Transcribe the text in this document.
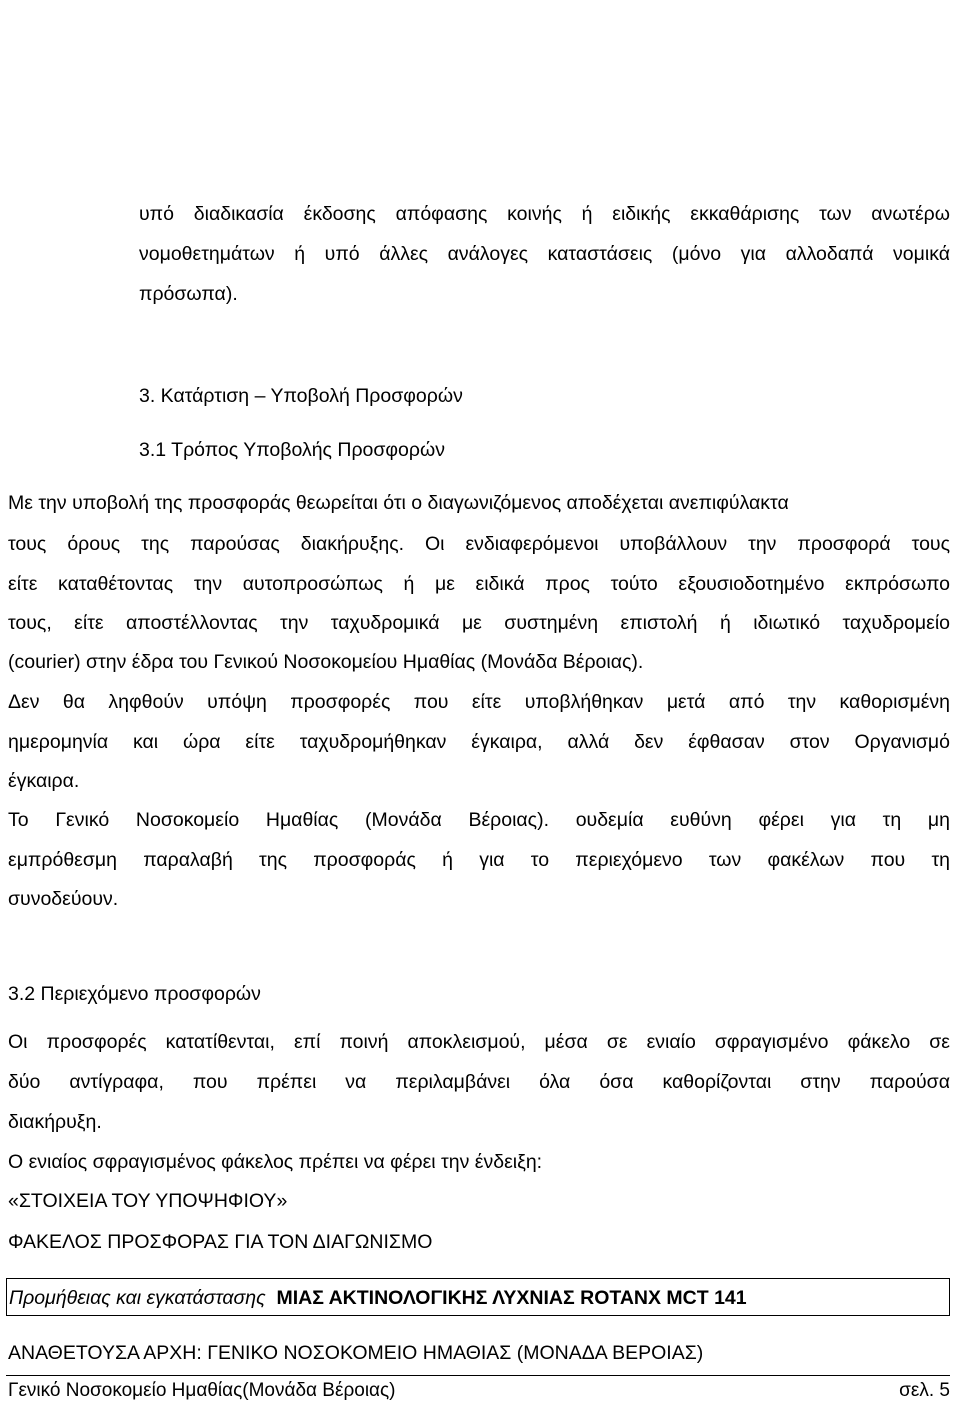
υπό διαδικασία έκδοσης απόφασης κοινής ή ειδικής εκκαθάρισης των ανωτέρω
νομοθετημάτων ή υπό άλλες ανάλογες καταστάσεις (μόνο για αλλοδαπά νομικά
πρόσωπα).
3. Κατάρτιση – Υποβολή Προσφορών
3.1 Τρόπος Υποβολής Προσφορών
Με την υποβολή της προσφοράς θεωρείται ότι ο διαγωνιζόμενος αποδέχεται ανεπιφύλακτα
τους όρους της παρούσας διακήρυξης. Οι ενδιαφερόμενοι υποβάλλουν την προσφορά τους
είτε καταθέτοντας την αυτοπροσώπως ή με ειδικά προς τούτο εξουσιοδοτημένο εκπρόσωπο
τους, είτε αποστέλλοντας την ταχυδρομικά με συστημένη επιστολή ή ιδιωτικό ταχυδρομείο
(courier) στην έδρα του Γενικού Νοσοκομείου Ημαθίας (Μονάδα Βέροιας).
Δεν θα ληφθούν υπόψη προσφορές που είτε υποβλήθηκαν μετά από την καθορισμένη
ημερομηνία και ώρα είτε ταχυδρομήθηκαν έγκαιρα, αλλά δεν έφθασαν στον Οργανισμό
έγκαιρα.
Το Γενικό Νοσοκομείο Ημαθίας (Μονάδα Βέροιας). ουδεμία ευθύνη φέρει για τη μη
εμπρόθεσμη παραλαβή της προσφοράς ή για το περιεχόμενο των φακέλων που τη
συνοδεύουν.
3.2 Περιεχόμενο προσφορών
Οι προσφορές κατατίθενται, επί ποινή αποκλεισμού, μέσα σε ενιαίο σφραγισμένο φάκελο σε
δύο αντίγραφα, που πρέπει να περιλαμβάνει όλα όσα καθορίζονται στην παρούσα
διακήρυξη.
Ο ενιαίος σφραγισμένος φάκελος πρέπει να φέρει την ένδειξη:
«ΣΤΟΙΧΕΙΑ ΤΟΥ ΥΠΟΨΗΦΙΟΥ»
ΦΑΚΕΛΟΣ ΠΡΟΣΦΟΡΑΣ ΓΙΑ ΤΟΝ ΔΙΑΓΩΝΙΣΜΟ
Προμήθειας και εγκατάστασης ΜΙΑΣ ΑΚΤΙΝΟΛΟΓΙΚΗΣ ΛΥΧΝΙΑΣ ROTANX MCT 141
ΑΝΑΘΕΤΟΥΣΑ ΑΡΧΗ: ΓΕΝΙΚΟ ΝΟΣΟΚΟΜΕΙΟ ΗΜΑΘΙΑΣ (ΜΟΝΑΔΑ ΒΕΡΟΙΑΣ)
Γενικό Νοσοκομείο Ημαθίας(Μονάδα Βέροιας)	σελ. 5
